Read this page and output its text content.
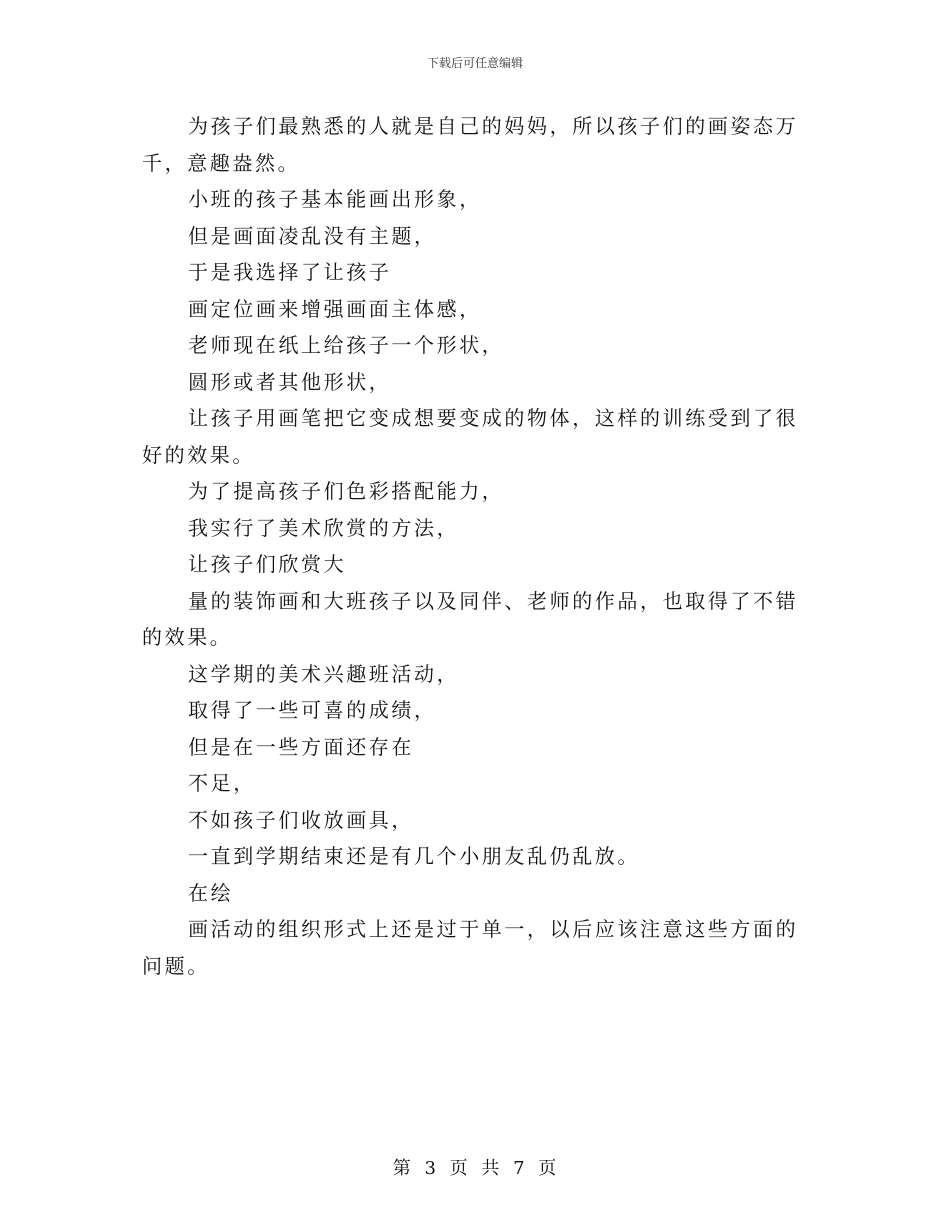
下载后可任意编辑

为孩子们最熟悉的人就是自己的妈妈，所以孩子们的画姿态万千，意趣盎然。

小班的孩子基本能画出形象，

但是画面凌乱没有主题，

于是我选择了让孩子

画定位画来增强画面主体感，

老师现在纸上给孩子一个形状，

圆形或者其他形状，

让孩子用画笔把它变成想要变成的物体，这样的训练受到了很好的效果。

为了提高孩子们色彩搭配能力，

我实行了美术欣赏的方法，

让孩子们欣赏大

量的装饰画和大班孩子以及同伴、老师的作品，也取得了不错的效果。

这学期的美术兴趣班活动，

取得了一些可喜的成绩，

但是在一些方面还存在

不足，

不如孩子们收放画具，

一直到学期结束还是有几个小朋友乱仍乱放。

在绘

画活动的组织形式上还是过于单一，以后应该注意这些方面的问题。

第 3 页 共 7 页
